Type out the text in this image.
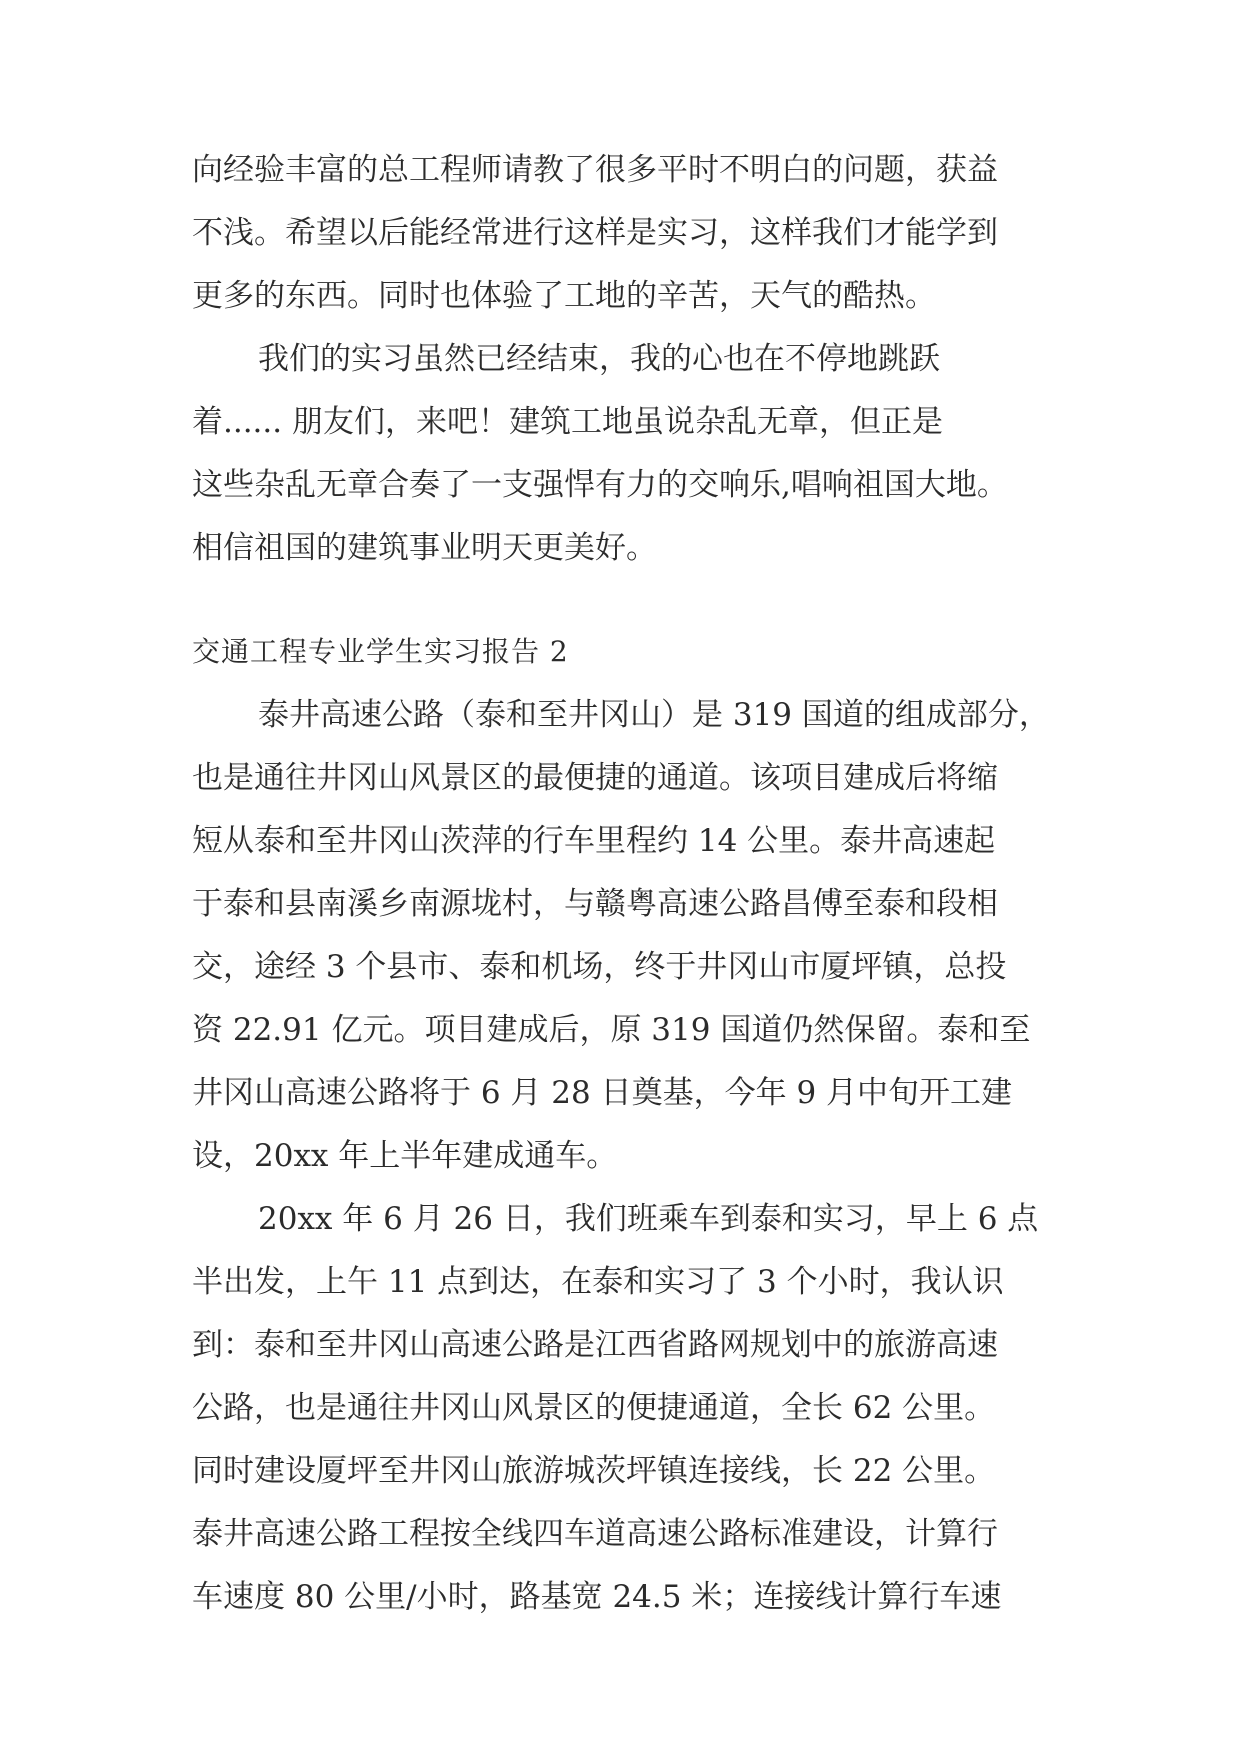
向经验丰富的总工程师请教了很多平时不明白的问题，获益
不浅。希望以后能经常进行这样是实习，这样我们才能学到
更多的东西。同时也体验了工地的辛苦，天气的酷热。
我们的实习虽然已经结束，我的心也在不停地跳跃
着...... 朋友们，来吧！建筑工地虽说杂乱无章，但正是
这些杂乱无章合奏了一支强悍有力的交响乐,唱响祖国大地。
相信祖国的建筑事业明天更美好。
交通工程专业学生实习报告 2
泰井高速公路（泰和至井冈山）是 319 国道的组成部分，
也是通往井冈山风景区的最便捷的通道。该项目建成后将缩
短从泰和至井冈山茨萍的行车里程约 14 公里。泰井高速起
于泰和县南溪乡南源垅村，与赣粤高速公路昌傅至泰和段相
交，途经 3 个县市、泰和机场，终于井冈山市厦坪镇，总投
资 22.91 亿元。项目建成后，原 319 国道仍然保留。泰和至
井冈山高速公路将于 6 月 28 日奠基，今年 9 月中旬开工建
设，20xx 年上半年建成通车。
20xx 年 6 月 26 日，我们班乘车到泰和实习，早上 6 点
半出发，上午 11 点到达，在泰和实习了 3 个小时，我认识
到：泰和至井冈山高速公路是江西省路网规划中的旅游高速
公路，也是通往井冈山风景区的便捷通道，全长 62 公里。
同时建设厦坪至井冈山旅游城茨坪镇连接线，长 22 公里。
泰井高速公路工程按全线四车道高速公路标准建设，计算行
车速度 80 公里/小时，路基宽 24.5 米；连接线计算行车速
